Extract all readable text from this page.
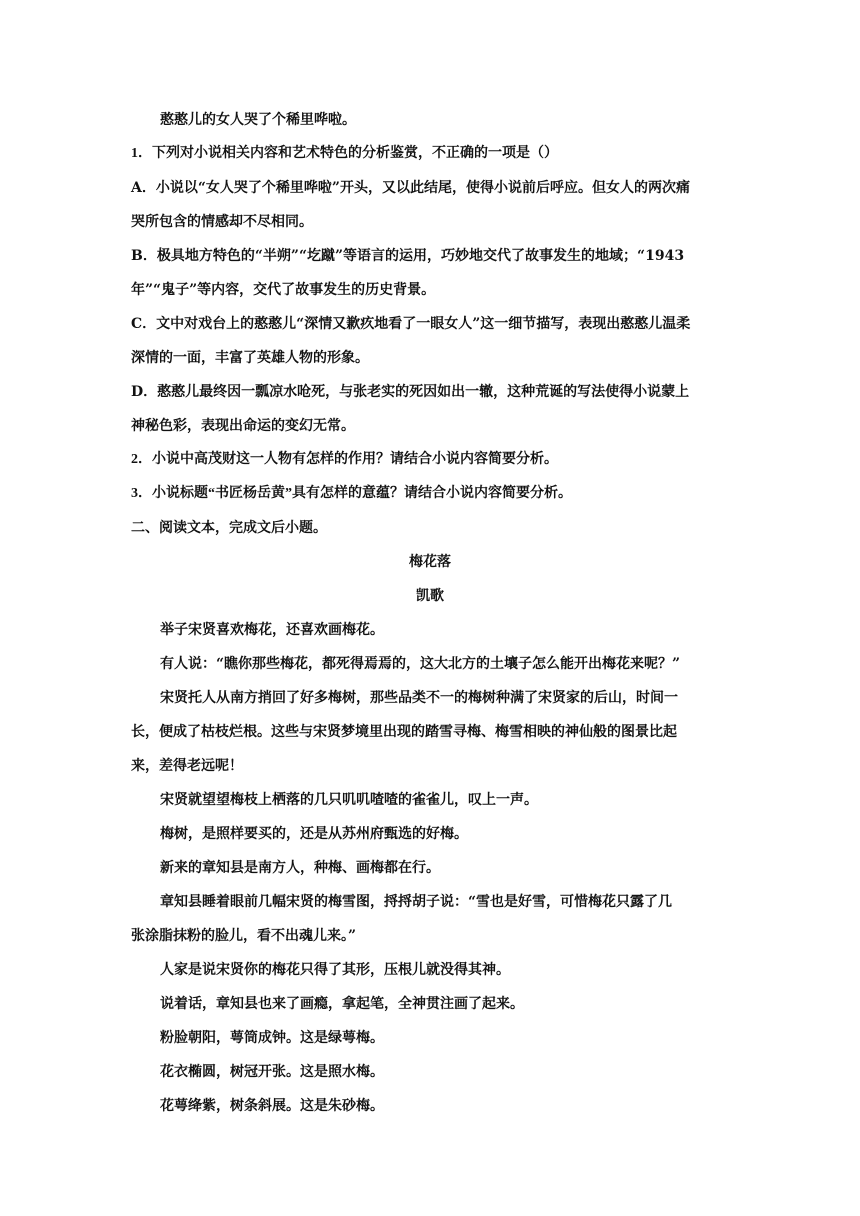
憨憨儿的女人哭了个稀里哗啦。
1．下列对小说相关内容和艺术特色的分析鉴赏，不正确的一项是（）
A．小说以“女人哭了个稀里哗啦”开头，又以此结尾，使得小说前后呼应。但女人的两次痛
哭所包含的情感却不尽相同。
B．极具地方特色的“半朔”“圪蹴”等语言的运用，巧妙地交代了故事发生的地域；“1943
年”“鬼子”等内容，交代了故事发生的历史背景。
C．文中对戏台上的憨憨儿“深情又歉疚地看了一眼女人”这一细节描写，表现出憨憨儿温柔
深情的一面，丰富了英雄人物的形象。
D．憨憨儿最终因一瓢凉水呛死，与张老实的死因如出一辙，这种荒诞的写法使得小说蒙上
神秘色彩，表现出命运的变幻无常。
2．小说中高茂财这一人物有怎样的作用？请结合小说内容简要分析。
3．小说标题“书匠杨岳黄”具有怎样的意蕴？请结合小说内容简要分析。
二、阅读文本，完成文后小题。
梅花落
凯歌
举子宋贤喜欢梅花，还喜欢画梅花。
有人说：“瞧你那些梅花，都死得焉焉的，这大北方的土壤子怎么能开出梅花来呢？”
宋贤托人从南方捎回了好多梅树，那些品类不一的梅树种满了宋贤家的后山，时间一
长，便成了枯枝烂根。这些与宋贤梦境里出现的踏雪寻梅、梅雪相映的神仙般的图景比起
来，差得老远呢！
宋贤就望望梅枝上栖落的几只叽叽喳喳的雀雀儿，叹上一声。
梅树，是照样要买的，还是从苏州府甄选的好梅。
新来的章知县是南方人，种梅、画梅都在行。
章知县睡着眼前几幅宋贤的梅雪图，捋捋胡子说：“雪也是好雪，可惜梅花只露了几
张涂脂抹粉的脸儿，看不出魂儿来。”
人家是说宋贤你的梅花只得了其形，压根儿就没得其神。
说着话，章知县也来了画瘾，拿起笔，全神贯注画了起来。
粉脸朝阳，萼筒成钟。这是绿萼梅。
花衣椭圆，树冠开张。这是照水梅。
花萼绛紫，树条斜展。这是朱砂梅。
